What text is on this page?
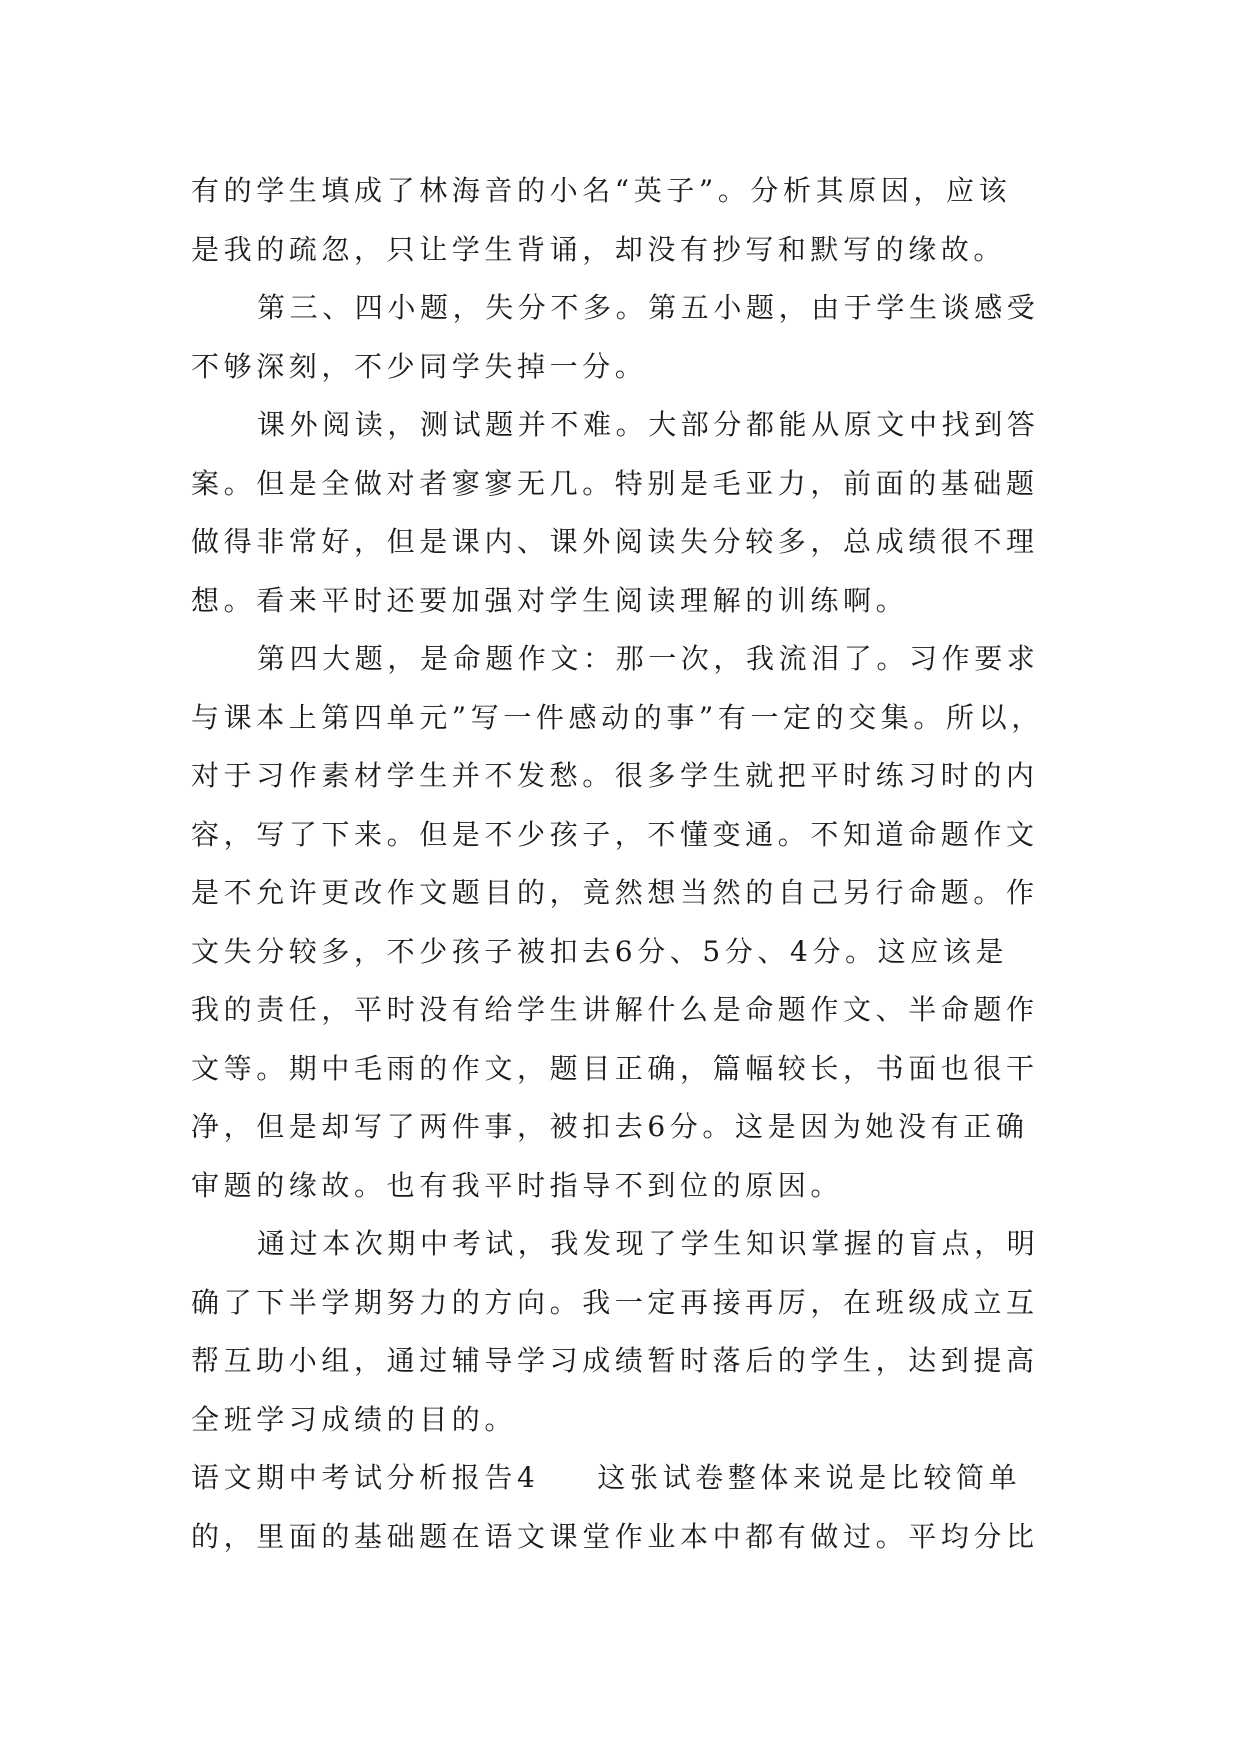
有的学生填成了林海音的小名“英子”。分析其原因，应该
是我的疏忽，只让学生背诵，却没有抄写和默写的缘故。
第三、四小题，失分不多。第五小题，由于学生谈感受
不够深刻，不少同学失掉一分。
课外阅读，测试题并不难。大部分都能从原文中找到答
案。但是全做对者寥寥无几。特别是毛亚力，前面的基础题
做得非常好，但是课内、课外阅读失分较多，总成绩很不理
想。看来平时还要加强对学生阅读理解的训练啊。
第四大题，是命题作文：那一次，我流泪了。习作要求
与课本上第四单元”写一件感动的事”有一定的交集。所以，
对于习作素材学生并不发愁。很多学生就把平时练习时的内
容，写了下来。但是不少孩子，不懂变通。不知道命题作文
是不允许更改作文题目的，竟然想当然的自己另行命题。作
文失分较多，不少孩子被扣去6分、5分、4分。这应该是
我的责任，平时没有给学生讲解什么是命题作文、半命题作
文等。期中毛雨的作文，题目正确，篇幅较长，书面也很干
净，但是却写了两件事，被扣去6分。这是因为她没有正确
审题的缘故。也有我平时指导不到位的原因。
通过本次期中考试，我发现了学生知识掌握的盲点，明
确了下半学期努力的方向。我一定再接再厉，在班级成立互
帮互助小组，通过辅导学习成绩暂时落后的学生，达到提高
全班学习成绩的目的。
语文期中考试分析报告4 这张试卷整体来说是比较简单
的，里面的基础题在语文课堂作业本中都有做过。平均分比
